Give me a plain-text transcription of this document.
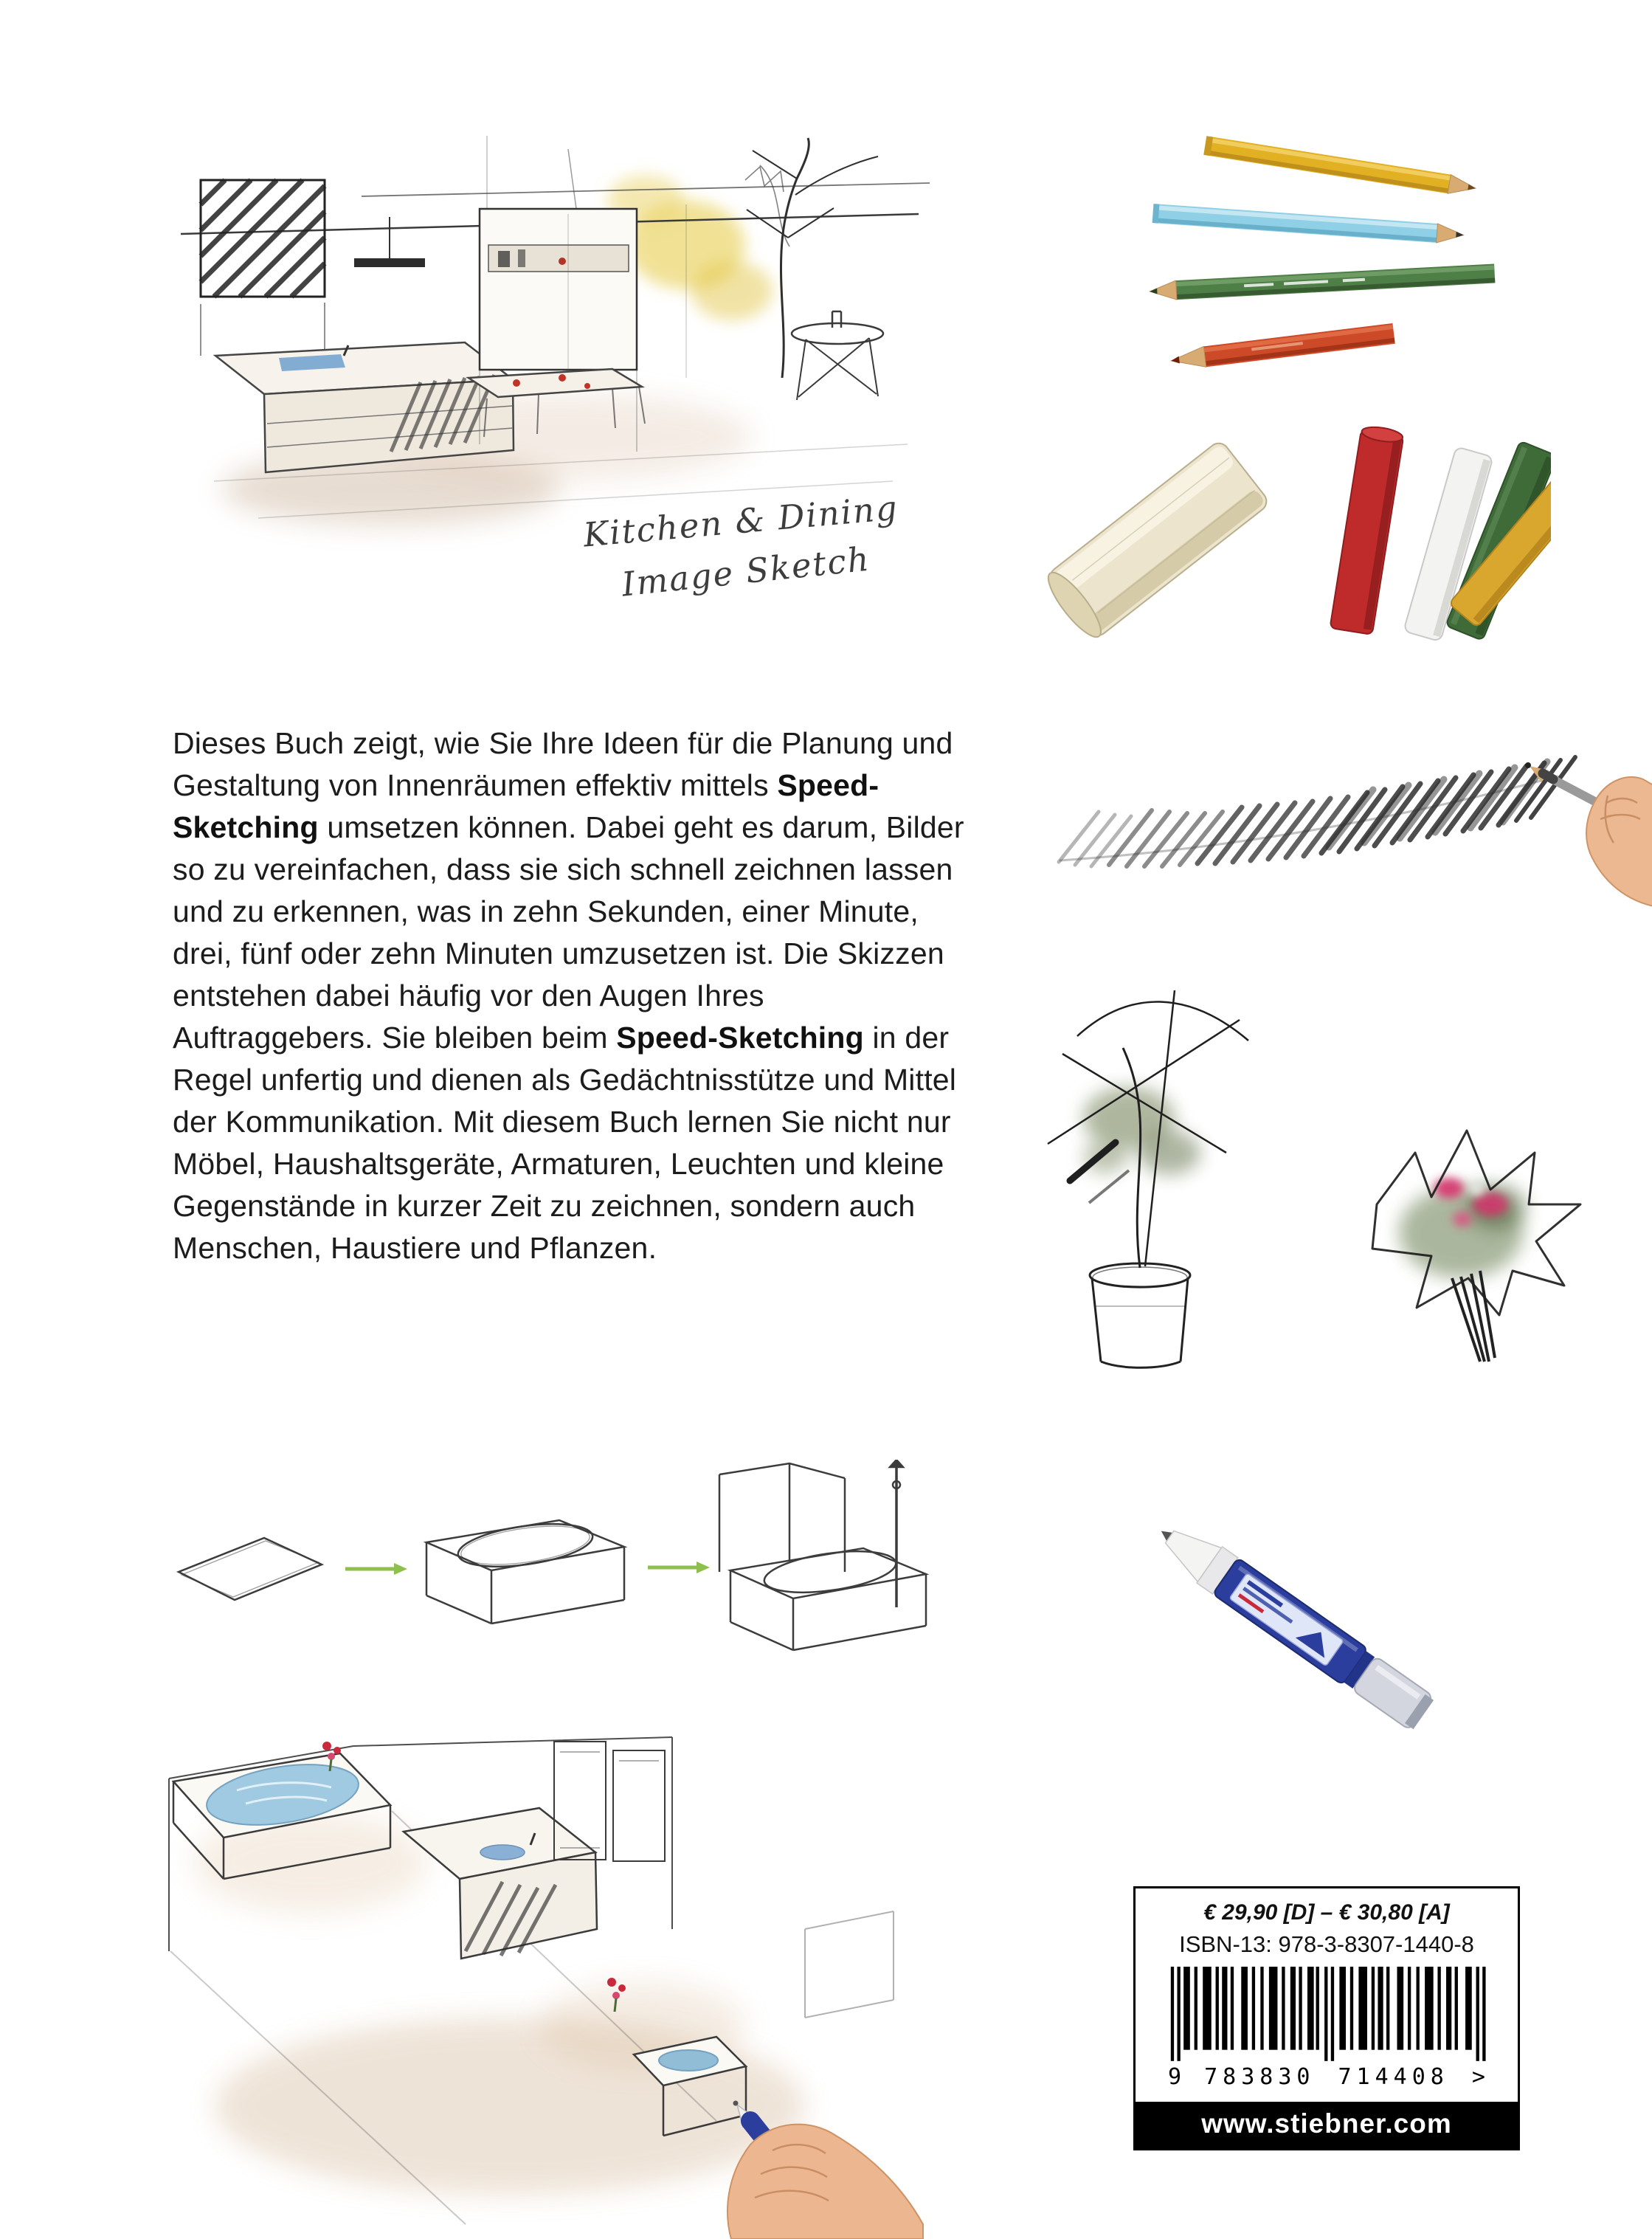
Kitchen & Dining
Image Sketch

Dieses Buch zeigt, wie Sie Ihre Ideen für die Planung und Gestaltung von Innenräumen effektiv mittels Speed-Sketching umsetzen können. Dabei geht es darum, Bilder so zu vereinfachen, dass sie sich schnell zeichnen lassen und zu erkennen, was in zehn Sekunden, einer Minute, drei, fünf oder zehn Minuten umzusetzen ist. Die Skizzen entstehen dabei häufig vor den Augen Ihres Auftraggebers. Sie bleiben beim Speed-Sketching in der Regel unfertig und dienen als Gedächtnisstütze und Mittel der Kommunikation. Mit diesem Buch lernen Sie nicht nur Möbel, Haushaltsgeräte, Armaturen, Leuchten und kleine Gegenstände in kurzer Zeit zu zeichnen, sondern auch Menschen, Haustiere und Pflanzen.

€ 29,90 [D] – € 30,80 [A]
ISBN-13: 978-3-8307-1440-8
9 783830 714408 >
www.stiebner.com
